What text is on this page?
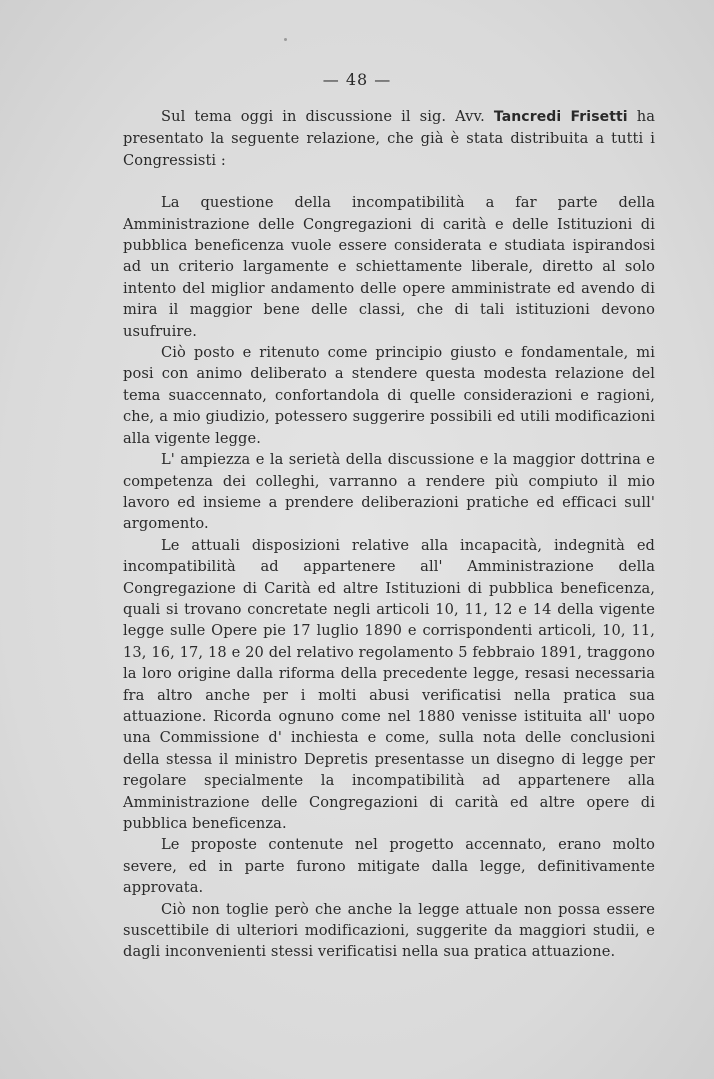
— 48 —

Sul tema oggi in discussione il sig. Avv. Tancredi Frisetti ha presentato la seguente relazione, che già è stata distribuita a tutti i Congressisti :

La questione della incompatibilità a far parte della Amministrazione delle Congregazioni di carità e delle Istituzioni di pubblica beneficenza vuole essere considerata e studiata ispirandosi ad un criterio largamente e schiettamente liberale, diretto al solo intento del miglior andamento delle opere amministrate ed avendo di mira il maggior bene delle classi, che di tali istituzioni devono usufruire.

Ciò posto e ritenuto come principio giusto e fondamentale, mi posi con animo deliberato a stendere questa modesta relazione del tema suaccennato, confortandola di quelle considerazioni e ragioni, che, a mio giudizio, potessero suggerire possibili ed utili modificazioni alla vigente legge.

L' ampiezza e la serietà della discussione e la maggior dottrina e competenza dei colleghi, varranno a rendere più compiuto il mio lavoro ed insieme a prendere deliberazioni pratiche ed efficaci sull' argomento.

Le attuali disposizioni relative alla incapacità, indegnità ed incompatibilità ad appartenere all' Amministrazione della Congregazione di Carità ed altre Istituzioni di pubblica beneficenza, quali si trovano concretate negli articoli 10, 11, 12 e 14 della vigente legge sulle Opere pie 17 luglio 1890 e corrispondenti articoli, 10, 11, 13, 16, 17, 18 e 20 del relativo regolamento 5 febbraio 1891, traggono la loro origine dalla riforma della precedente legge, resasi necessaria fra altro anche per i molti abusi verificatisi nella pratica sua attuazione. Ricorda ognuno come nel 1880 venisse istituita all' uopo una Commissione d' inchiesta e come, sulla nota delle conclusioni della stessa il ministro Depretis presentasse un disegno di legge per regolare specialmente la incompatibilità ad appartenere alla Amministrazione delle Congregazioni di carità ed altre opere di pubblica beneficenza.

Le proposte contenute nel progetto accennato, erano molto severe, ed in parte furono mitigate dalla legge, definitivamente approvata.

Ciò non toglie però che anche la legge attuale non possa essere suscettibile di ulteriori modificazioni, suggerite da maggiori studii, e dagli inconvenienti stessi verificatisi nella sua pratica attuazione.
